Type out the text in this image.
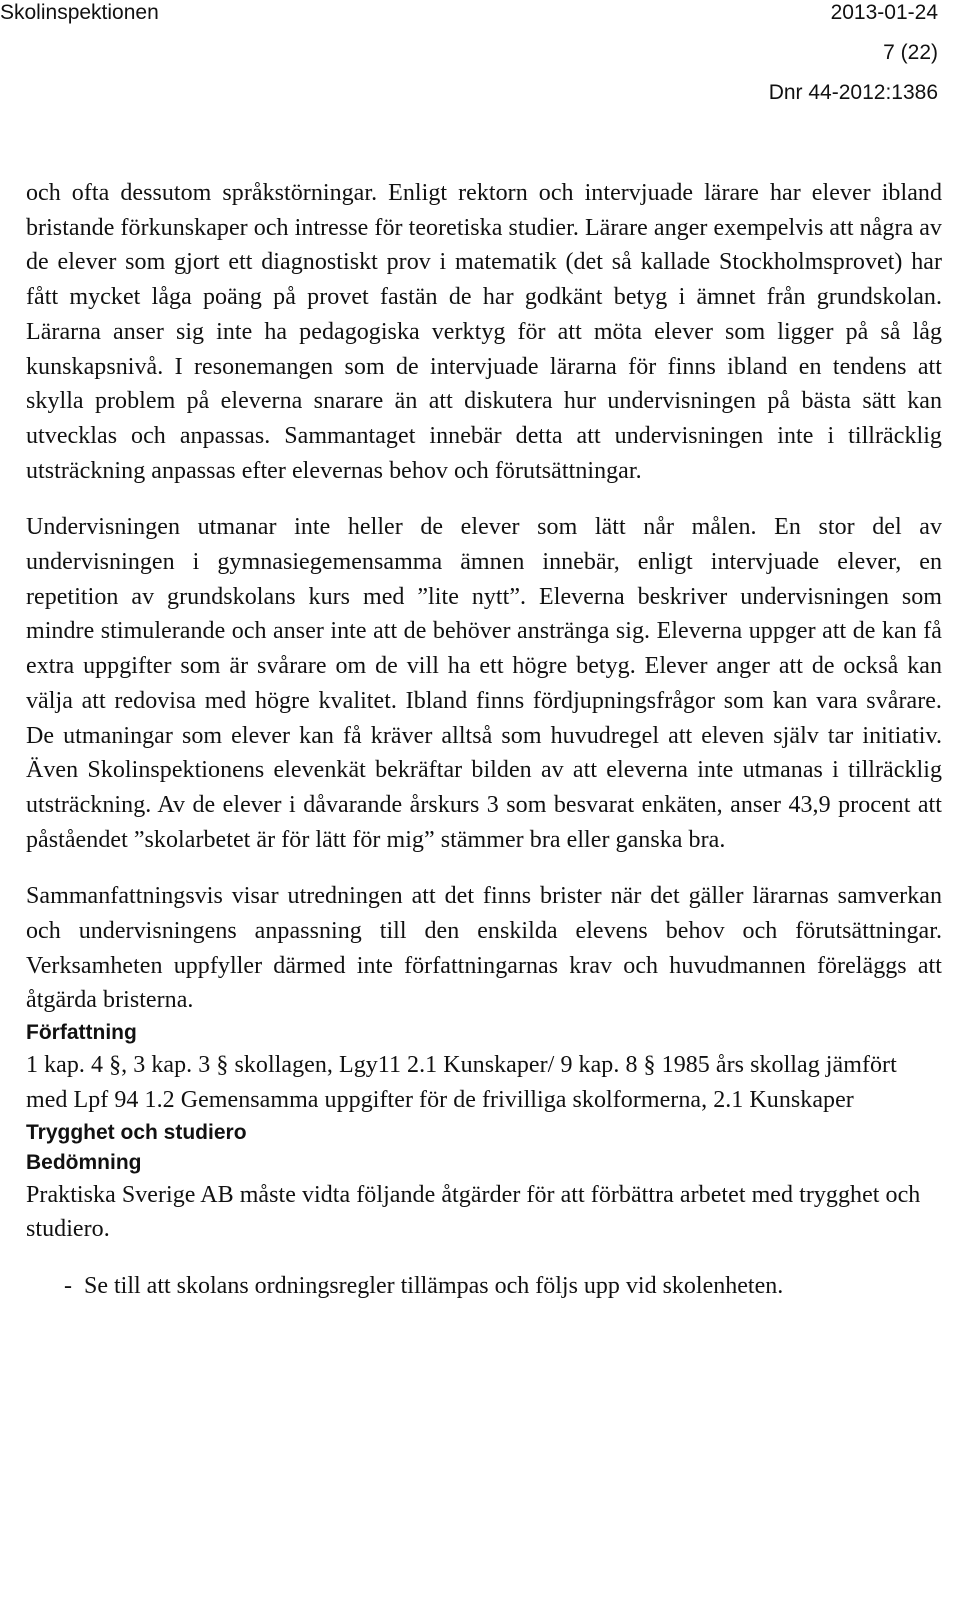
Skolinspektionen	2013-01-24
7 (22)
Dnr 44-2012:1386

och ofta dessutom språkstörningar. Enligt rektorn och intervjuade lärare har elever ibland bristande förkunskaper och intresse för teoretiska studier. Lärare anger exempelvis att några av de elever som gjort ett diagnostiskt prov i matematik (det så kallade Stockholmsprovet) har fått mycket låga poäng på provet fastän de har godkänt betyg i ämnet från grundskolan. Lärarna anser sig inte ha pedagogiska verktyg för att möta elever som ligger på så låg kunskapsnivå. I resonemangen som de intervjuade lärarna för finns ibland en tendens att skylla problem på eleverna snarare än att diskutera hur undervisningen på bästa sätt kan utvecklas och anpassas. Sammantaget innebär detta att undervisningen inte i tillräcklig utsträckning anpassas efter elevernas behov och förutsättningar.

Undervisningen utmanar inte heller de elever som lätt når målen. En stor del av undervisningen i gymnasiegemensamma ämnen innebär, enligt intervjuade elever, en repetition av grundskolans kurs med ”lite nytt”. Eleverna beskriver undervisningen som mindre stimulerande och anser inte att de behöver anstränga sig. Eleverna uppger att de kan få extra uppgifter som är svårare om de vill ha ett högre betyg. Elever anger att de också kan välja att redovisa med högre kvalitet. Ibland finns fördjupningsfrågor som kan vara svårare. De utmaningar som elever kan få kräver alltså som huvudregel att eleven själv tar initiativ. Även Skolinspektionens elevenkät bekräftar bilden av att eleverna inte utmanas i tillräcklig utsträckning. Av de elever i dåvarande årskurs 3 som besvarat enkäten, anser 43,9 procent att påståendet ”skolarbetet är för lätt för mig” stämmer bra eller ganska bra.

Sammanfattningsvis visar utredningen att det finns brister när det gäller lärarnas samverkan och undervisningens anpassning till den enskilda elevens behov och förutsättningar. Verksamheten uppfyller därmed inte författningarnas krav och huvudmannen föreläggs att åtgärda bristerna.

Författning

1 kap. 4 §, 3 kap. 3 § skollagen, Lgy11 2.1 Kunskaper/ 9 kap. 8 § 1985 års skollag jämfört med Lpf 94 1.2 Gemensamma uppgifter för de frivilliga skolformerna, 2.1 Kunskaper

Trygghet och studiero
Bedömning

Praktiska Sverige AB måste vidta följande åtgärder för att förbättra arbetet med trygghet och studiero.

- Se till att skolans ordningsregler tillämpas och följs upp vid skolenheten.
